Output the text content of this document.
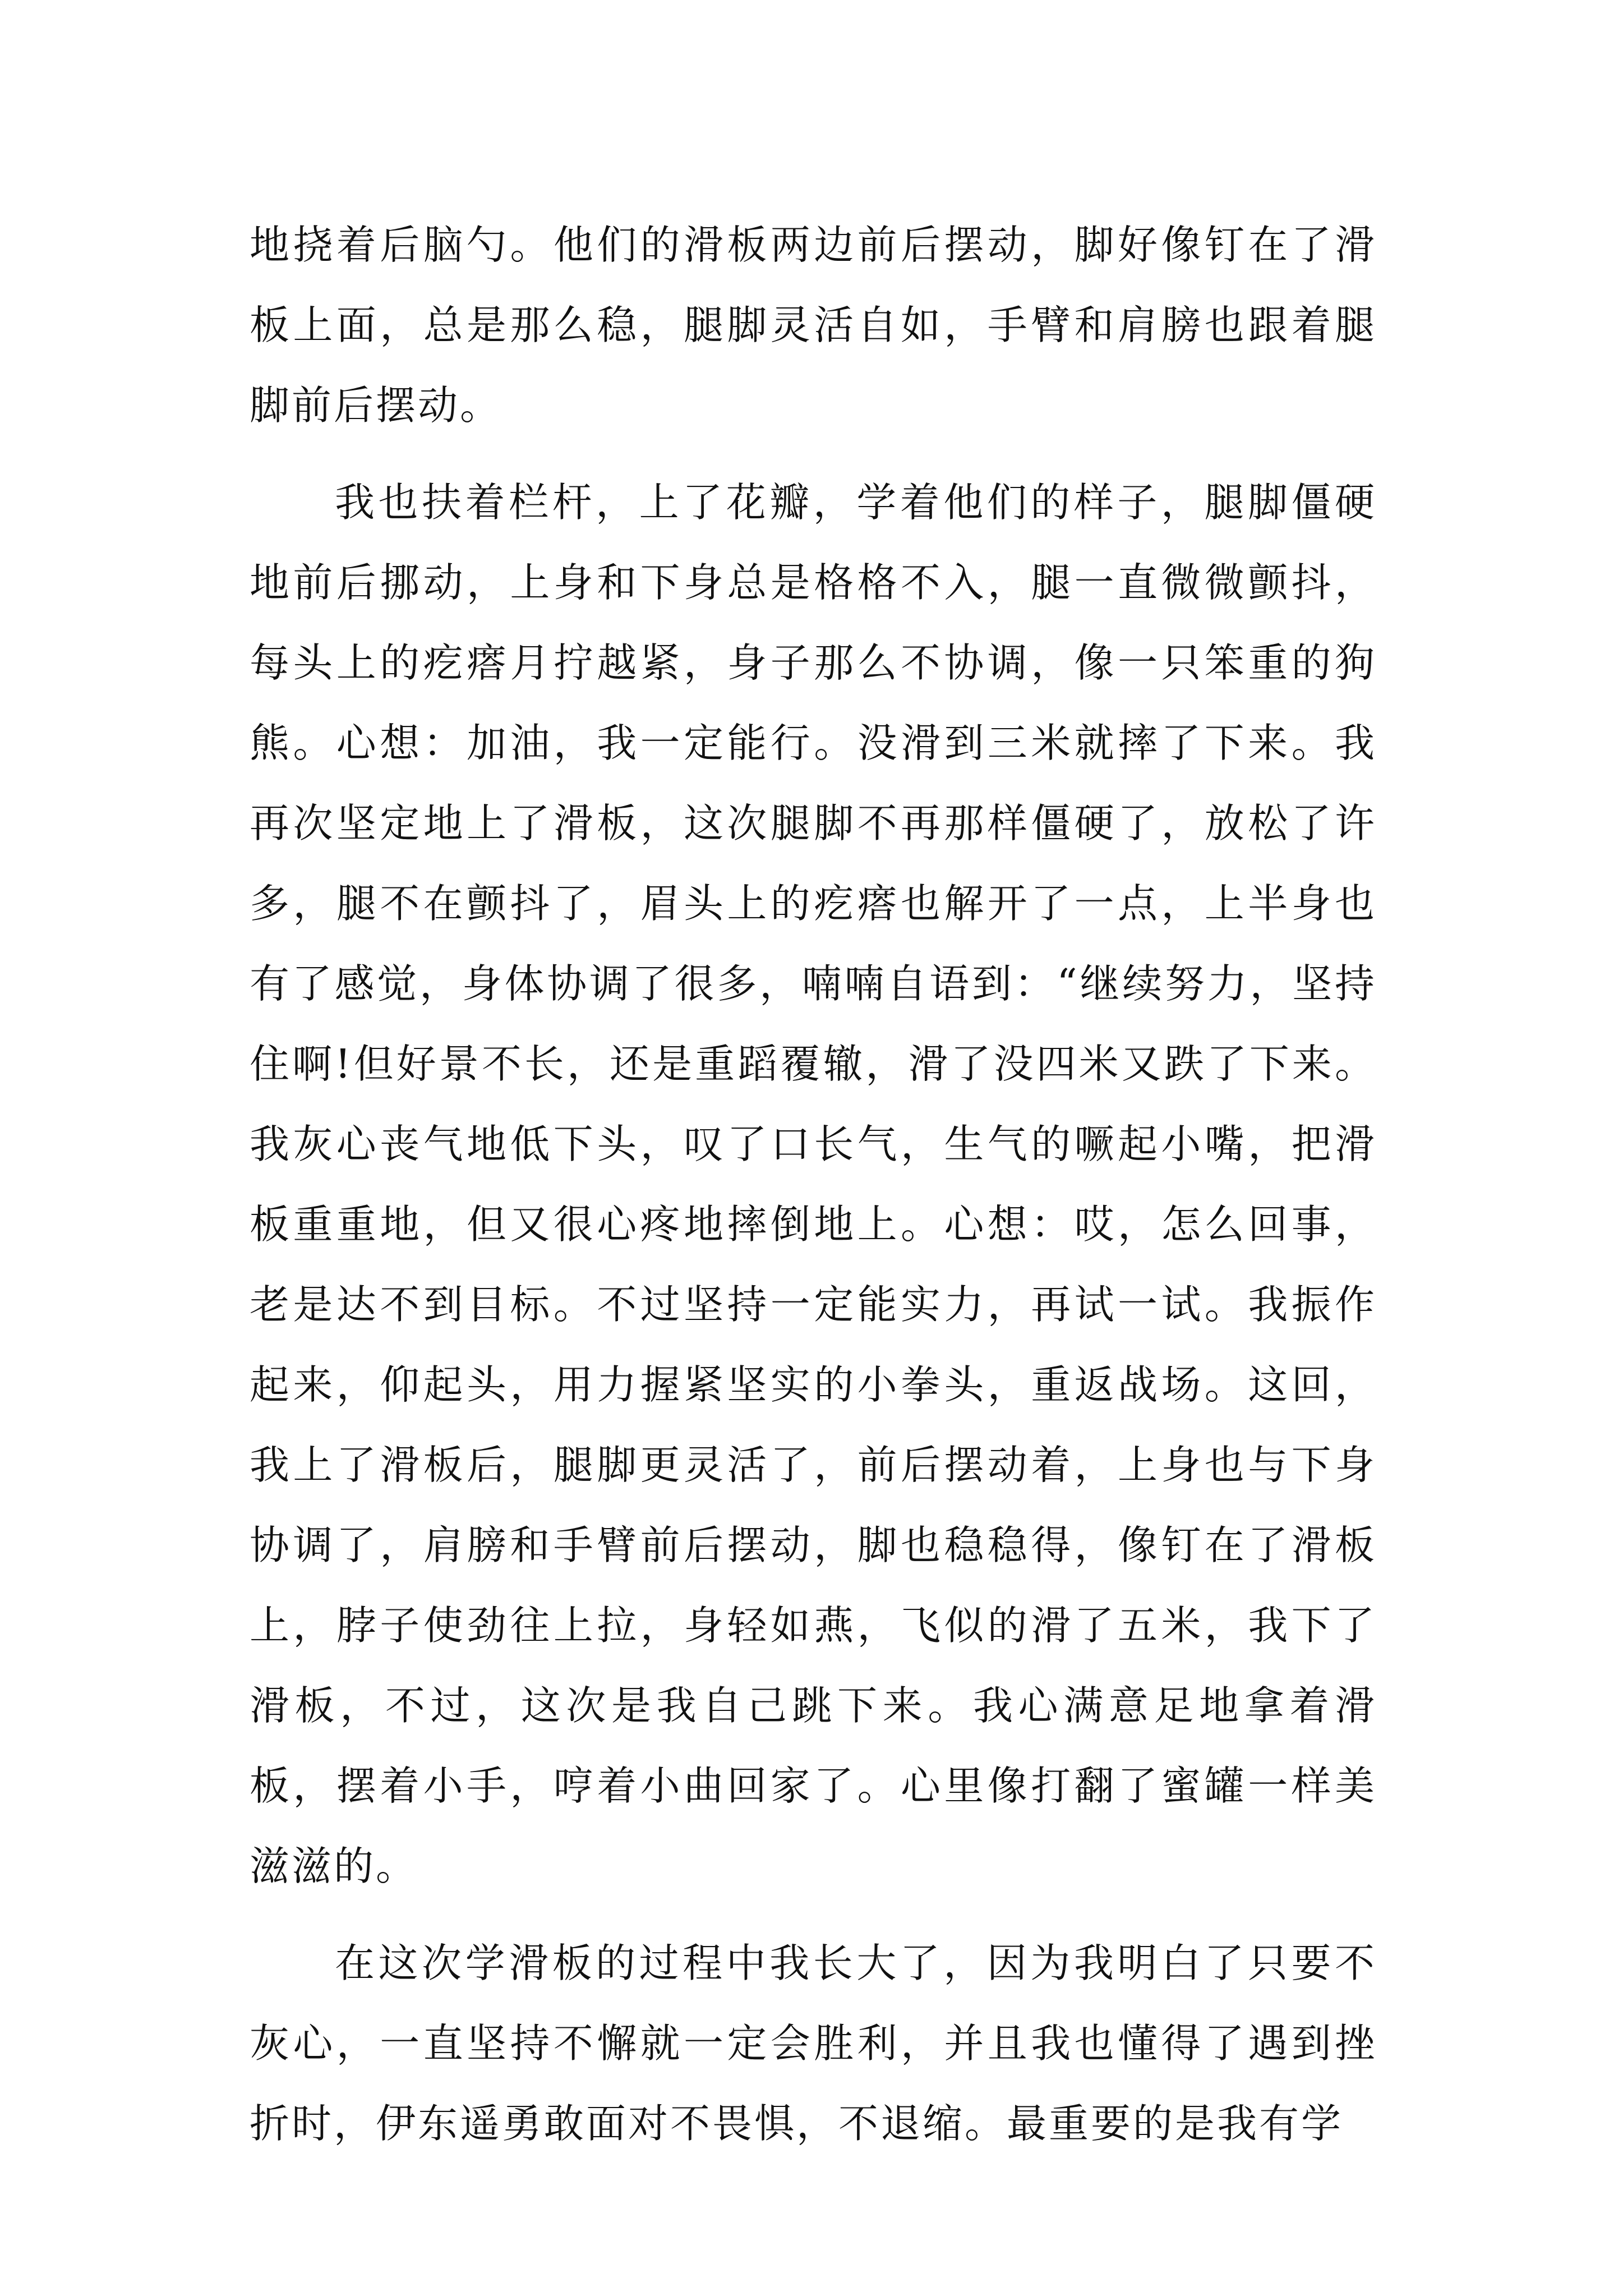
地挠着后脑勺。他们的滑板两边前后摆动，脚好像钉在了滑板上面，总是那么稳，腿脚灵活自如，手臂和肩膀也跟着腿脚前后摆动。

我也扶着栏杆，上了花瓣，学着他们的样子，腿脚僵硬地前后挪动，上身和下身总是格格不入，腿一直微微颤抖，每头上的疙瘩月拧越紧，身子那么不协调，像一只笨重的狗熊。心想：加油，我一定能行。没滑到三米就摔了下来。我再次坚定地上了滑板，这次腿脚不再那样僵硬了，放松了许多，腿不在颤抖了，眉头上的疙瘩也解开了一点，上半身也有了感觉，身体协调了很多，喃喃自语到：“继续努力，坚持住啊!但好景不长，还是重蹈覆辙，滑了没四米又跌了下来。我灰心丧气地低下头，叹了口长气，生气的噘起小嘴，把滑板重重地，但又很心疼地摔倒地上。心想：哎，怎么回事，老是达不到目标。不过坚持一定能实力，再试一试。我振作起来，仰起头，用力握紧坚实的小拳头，重返战场。这回，我上了滑板后，腿脚更灵活了，前后摆动着，上身也与下身协调了，肩膀和手臂前后摆动，脚也稳稳得，像钉在了滑板上，脖子使劲往上拉，身轻如燕，飞似的滑了五米，我下了滑板，不过，这次是我自己跳下来。我心满意足地拿着滑板，摆着小手，哼着小曲回家了。心里像打翻了蜜罐一样美滋滋的。

在这次学滑板的过程中我长大了，因为我明白了只要不灰心，一直坚持不懈就一定会胜利，并且我也懂得了遇到挫折时，伊东遥勇敢面对不畏惧，不退缩。最重要的是我有学
